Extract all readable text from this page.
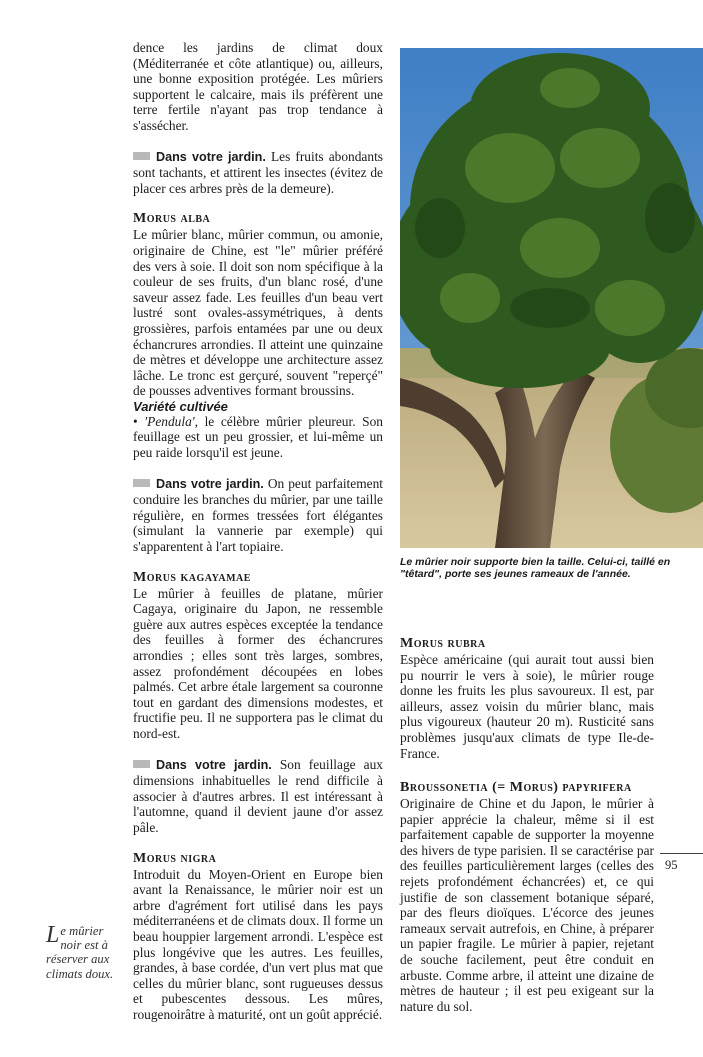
dence les jardins de climat doux (Méditerranée et côte atlantique) ou, ailleurs, une bonne exposition protégée. Les mûriers supportent le calcaire, mais ils préfèrent une terre fertile n'ayant pas trop tendance à s'assécher.

Dans votre jardin. Les fruits abondants sont tachants, et attirent les insectes (évitez de placer ces arbres près de la demeure).

Morus alba

Le mûrier blanc, mûrier commun, ou amonie, originaire de Chine, est "le" mûrier préféré des vers à soie. Il doit son nom spécifique à la couleur de ses fruits, d'un blanc rosé, d'une saveur assez fade. Les feuilles d'un beau vert lustré sont ovales-assymétriques, à dents grossières, parfois entamées par une ou deux échancrures arrondies. Il atteint une quinzaine de mètres et développe une architecture assez lâche. Le tronc est gerçuré, souvent "reperçé" de pousses adventives formant broussins.

Variété cultivée

• 'Pendula', le célèbre mûrier pleureur. Son feuillage est un peu grossier, et lui-même un peu raide lorsqu'il est jeune.

Dans votre jardin. On peut parfaitement conduire les branches du mûrier, par une taille régulière, en formes tressées fort élégantes (simulant la vannerie par exemple) qui s'apparentent à l'art topiaire.

Morus kagayamae

Le mûrier à feuilles de platane, mûrier Cagaya, originaire du Japon, ne ressemble guère aux autres espèces exceptée la tendance des feuilles à former des échancrures arrondies ; elles sont très larges, sombres, assez profondément découpées en lobes palmés. Cet arbre étale largement sa couronne tout en gardant des dimensions modestes, et fructifie peu. Il ne supportera pas le climat du nord-est.

Dans votre jardin. Son feuillage aux dimensions inhabituelles le rend difficile à associer à d'autres arbres. Il est intéressant à l'automne, quand il devient jaune d'or assez pâle.

Morus nigra

Introduit du Moyen-Orient en Europe bien avant la Renaissance, le mûrier noir est un arbre d'agrément fort utilisé dans les pays méditerranéens et de climats doux. Il forme un beau houppier largement arrondi. L'espèce est plus longévive que les autres. Les feuilles, grandes, à base cordée, d'un vert plus mat que celles du mûrier blanc, sont rugueuses dessus et pubescentes dessous. Les mûres, rougenoirâtre à maturité, ont un goût apprécié.

Le mûrier noir supporte bien la taille. Celui-ci, taillé en "têtard", porte ses jeunes rameaux de l'année.
Morus rubra

Espèce américaine (qui aurait tout aussi bien pu nourrir le vers à soie), le mûrier rouge donne les fruits les plus savoureux. Il est, par ailleurs, assez voisin du mûrier blanc, mais plus vigoureux (hauteur 20 m). Rusticité sans problèmes jusqu'aux climats de type Ile-de-France.

Broussonetia (= Morus) papyrifera

Originaire de Chine et du Japon, le mûrier à papier apprécie la chaleur, même si il est parfaitement capable de supporter la moyenne des hivers de type parisien. Il se caractérise par des feuilles particulièrement larges (celles des rejets profondément échancrées) et, ce qui justifie de son classement botanique séparé, par des fleurs dioïques. L'écorce des jeunes rameaux servait autrefois, en Chine, à préparer un papier fragile. Le mûrier à papier, rejetant de souche facilement, peut être conduit en arbuste. Comme arbre, il atteint une dizaine de mètres de hauteur ; il est peu exigeant sur la nature du sol.

Le mûrier noir est à réserver aux climats doux.
95
